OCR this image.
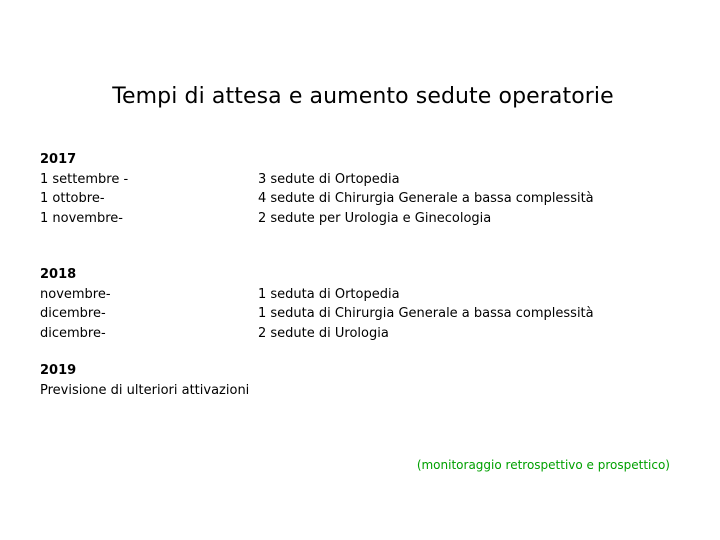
Tempi di attesa e aumento sedute operatorie
2017
1 settembre -
1 ottobre-
1 novembre-
3 sedute di Ortopedia
4 sedute di Chirurgia Generale a bassa complessità
2 sedute per Urologia e Ginecologia
2018
novembre-
dicembre-
dicembre-
1 seduta di Ortopedia
1 seduta di Chirurgia Generale a bassa complessità
2 sedute di Urologia
2019
Previsione di ulteriori attivazioni
(monitoraggio retrospettivo e prospettico)
